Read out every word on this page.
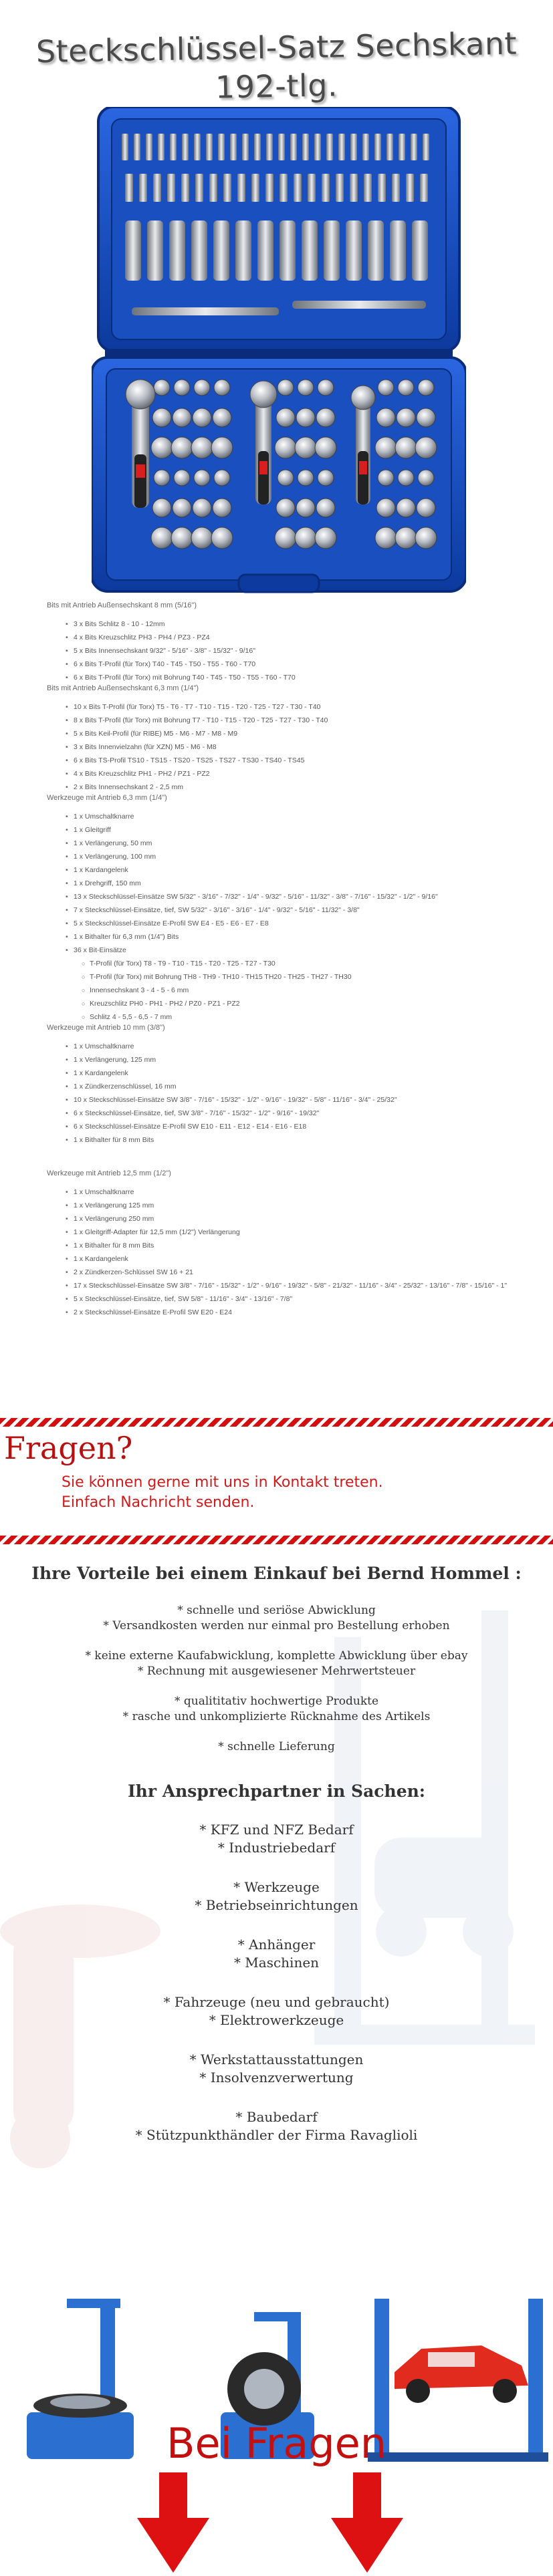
Steckschlüssel-Satz Sechskant
192-tlg.
Bits mit Antrieb Außensechskant 8 mm (5/16")
• 3 x Bits Schlitz 8 - 10 - 12mm
• 4 x Bits Kreuzschlitz PH3 - PH4 / PZ3 - PZ4
• 5 x Bits Innensechskant 9/32" - 5/16" - 3/8" - 15/32" - 9/16"
• 6 x Bits T-Profil (für Torx) T40 - T45 - T50 - T55 - T60 - T70
• 6 x Bits T-Profil (für Torx) mit Bohrung T40 - T45 - T50 - T55 - T60 - T70
Bits mit Antrieb Außensechskant 6,3 mm (1/4")
• 10 x Bits T-Profil (für Torx) T5 - T6 - T7 - T10 - T15 - T20 - T25 - T27 - T30 - T40
• 8 x Bits T-Profil (für Torx) mit Bohrung T7 - T10 - T15 - T20 - T25 - T27 - T30 - T40
• 5 x Bits Keil-Profil (für RIBE) M5 - M6 - M7 - M8 - M9
• 3 x Bits Innenvielzahn (für XZN) M5 - M6 - M8
• 6 x Bits TS-Profil TS10 - TS15 - TS20 - TS25 - TS27 - TS30 - TS40 - TS45
• 4 x Bits Kreuzschlitz PH1 - PH2 / PZ1 - PZ2
• 2 x Bits Innensechskant 2 - 2,5 mm
Werkzeuge mit Antrieb 6,3 mm (1/4")
• 1 x Umschaltknarre
• 1 x Gleitgriff
• 1 x Verlängerung, 50 mm
• 1 x Verlängerung, 100 mm
• 1 x Kardangelenk
• 1 x Drehgriff, 150 mm
• 13 x Steckschlüssel-Einsätze SW 5/32" - 3/16" - 7/32" - 1/4" - 9/32" - 5/16" - 11/32" - 3/8" - 7/16" - 15/32" - 1/2" - 9/16"
• 7 x Steckschlüssel-Einsätze, tief, SW 5/32" - 3/16" - 3/16" - 1/4" - 9/32" - 5/16" - 11/32" - 3/8"
• 5 x Steckschlüssel-Einsätze E-Profil SW E4 - E5 - E6 - E7 - E8
• 1 x Bithalter für 6,3 mm (1/4") Bits
• 36 x Bit-Einsätze
○ T-Profil (für Torx) T8 - T9 - T10 - T15 - T20 - T25 - T27 - T30
○ T-Profil (für Torx) mit Bohrung TH8 - TH9 - TH10 - TH15 TH20 - TH25 - TH27 - TH30
○ Innensechskant 3 - 4 - 5 - 6 mm
○ Kreuzschlitz PH0 - PH1 - PH2 / PZ0 - PZ1 - PZ2
○ Schlitz 4 - 5,5 - 6,5 - 7 mm
Werkzeuge mit Antrieb 10 mm (3/8")
• 1 x Umschaltknarre
• 1 x Verlängerung, 125 mm
• 1 x Kardangelenk
• 1 x Zündkerzenschlüssel, 16 mm
• 10 x Steckschlüssel-Einsätze SW 3/8" - 7/16" - 15/32" - 1/2" - 9/16" - 19/32" - 5/8" - 11/16" - 3/4" - 25/32"
• 6 x Steckschlüssel-Einsätze, tief, SW 3/8" - 7/16" - 15/32" - 1/2" - 9/16" - 19/32"
• 6 x Steckschlüssel-Einsätze E-Profil SW E10 - E11 - E12 - E14 - E16 - E18
• 1 x Bithalter für 8 mm Bits
Werkzeuge mit Antrieb 12,5 mm (1/2")
• 1 x Umschaltknarre
• 1 x Verlängerung 125 mm
• 1 x Verlängerung 250 mm
• 1 x Gleitgriff-Adapter für 12,5 mm (1/2") Verlängerung
• 1 x Bithalter für 8 mm Bits
• 1 x Kardangelenk
• 2 x Zündkerzen-Schlüssel SW 16 + 21
• 17 x Steckschlüssel-Einsätze SW 3/8" - 7/16" - 15/32" - 1/2" - 9/16" - 19/32" - 5/8" - 21/32" - 11/16" - 3/4" - 25/32" - 13/16" - 7/8" - 15/16" - 1"
• 5 x Steckschlüssel-Einsätze, tief, SW 5/8" - 11/16" - 3/4" - 13/16" - 7/8"
• 2 x Steckschlüssel-Einsätze E-Profil SW E20 - E24
Fragen?
Sie können gerne mit uns in Kontakt treten.
Einfach Nachricht senden.
Ihre Vorteile bei einem Einkauf bei Bernd Hommel :
* schnelle und seriöse Abwicklung
* Versandkosten werden nur einmal pro Bestellung erhoben
* keine externe Kaufabwicklung, komplette Abwicklung über ebay
* Rechnung mit ausgewiesener Mehrwertsteuer
* qualititativ hochwertige Produkte
* rasche und unkomplizierte Rücknahme des Artikels
* schnelle Lieferung
Ihr Ansprechpartner in Sachen:
* KFZ und NFZ Bedarf
* Industriebedarf
* Werkzeuge
* Betriebseinrichtungen
* Anhänger
* Maschinen
* Fahrzeuge (neu und gebraucht)
* Elektrowerkzeuge
* Werkstattausstattungen
* Insolvenzverwertung
* Baubedarf
* Stützpunkthändler der Firma Ravaglioli
Bei Fragen
